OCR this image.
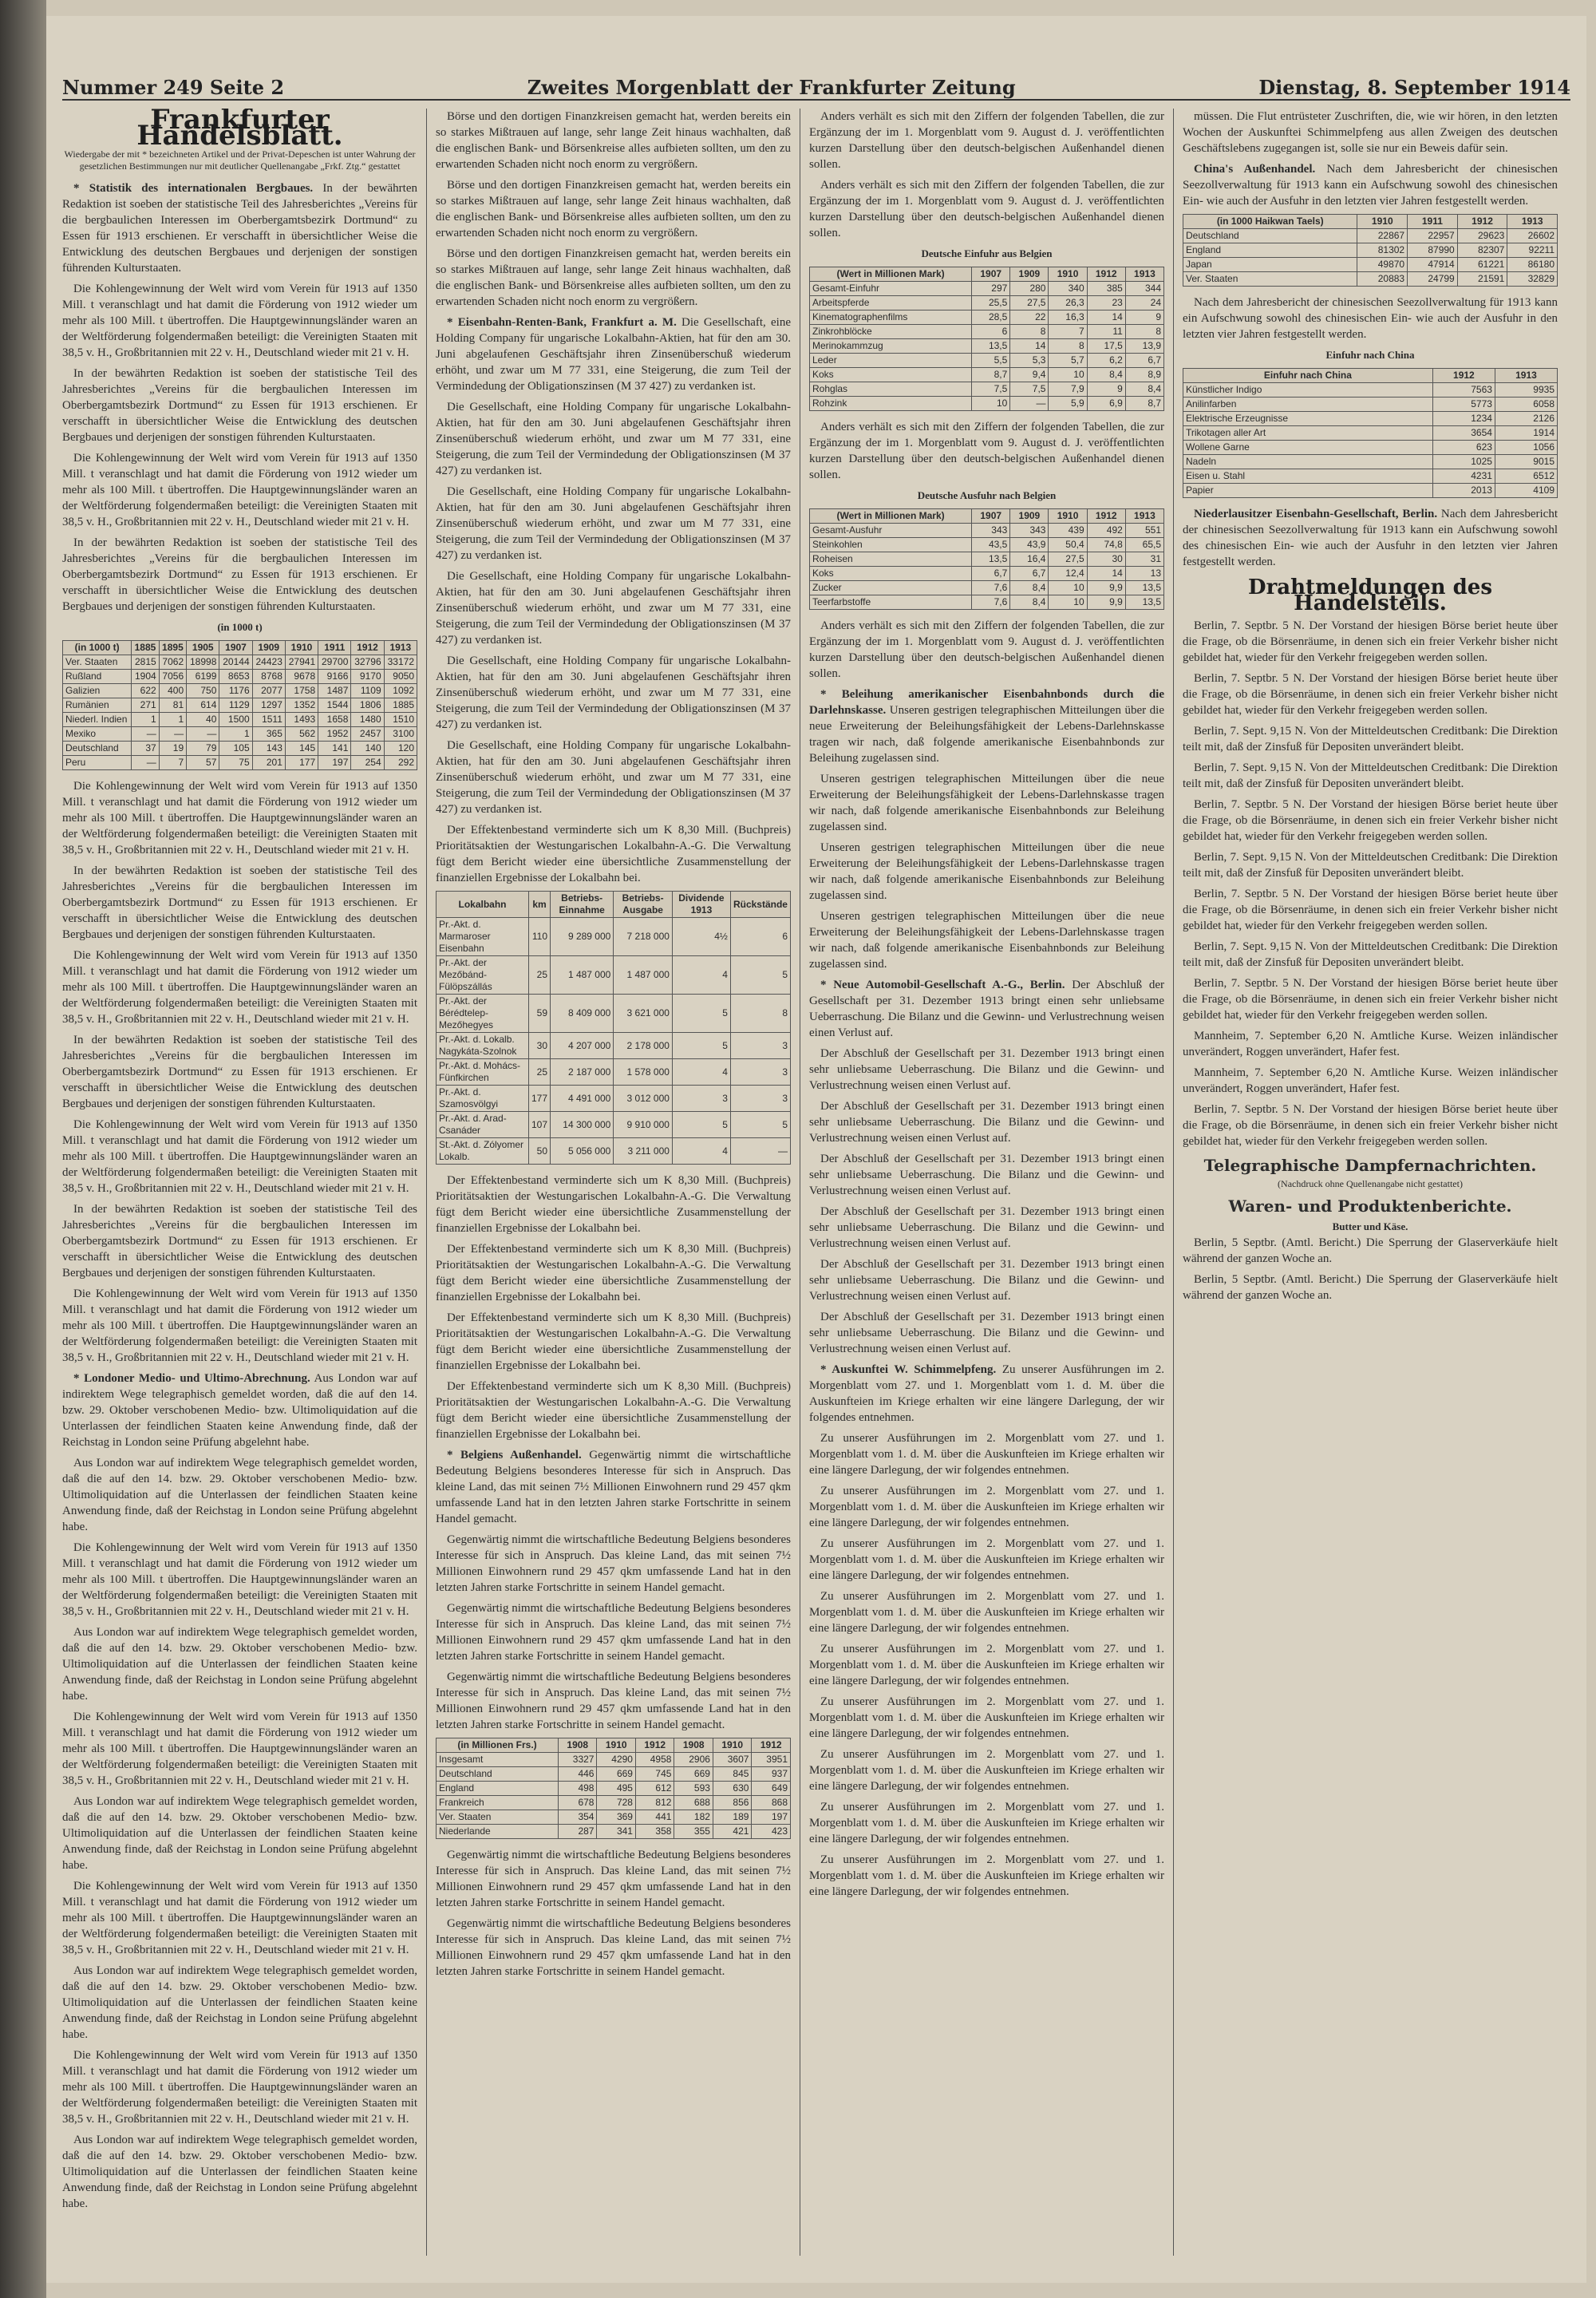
Nummer 249 Seite 2	Zweites Morgenblatt der Frankfurter Zeitung	Dienstag, 8. September 1914
Frankfurter Handelsblatt.
Wiedergabe der mit * bezeichneten Artikel und der Privat-Depeschen ist unter Wahrung der gesetzlichen Bestimmungen nur mit deutlicher Quellenangabe „Frkf. Ztg.“ gestattet

* Statistik des internationalen Bergbaues. In der bewährten Redaktion ist soeben der statistische Teil des Jahresberichtes „Vereins für die bergbaulichen Interessen im Oberbergamtsbezirk Dortmund“ zu Essen für 1913 erschienen. Er verschafft in übersichtlicher Weise die Entwicklung des deutschen Bergbaues und derjenigen der sonstigen führenden Kulturstaaten.

Die Kohlengewinnung der Welt wird vom Verein für 1913 auf 1350 Mill. t veranschlagt und hat damit die Förderung von 1912 wieder um mehr als 100 Mill. t übertroffen. Die Hauptgewinnungsländer waren an der Weltförderung folgendermaßen beteiligt: die Vereinigten Staaten mit 38,5 v. H., Großbritannien mit 22 v. H., Deutschland wieder mit 21 v. H.

In der bewährten Redaktion ist soeben der statistische Teil des Jahresberichtes „Vereins für die bergbaulichen Interessen im Oberbergamtsbezirk Dortmund“ zu Essen für 1913 erschienen. Er verschafft in übersichtlicher Weise die Entwicklung des deutschen Bergbaues und derjenigen der sonstigen führenden Kulturstaaten.

Die Kohlengewinnung der Welt wird vom Verein für 1913 auf 1350 Mill. t veranschlagt und hat damit die Förderung von 1912 wieder um mehr als 100 Mill. t übertroffen. Die Hauptgewinnungsländer waren an der Weltförderung folgendermaßen beteiligt: die Vereinigten Staaten mit 38,5 v. H., Großbritannien mit 22 v. H., Deutschland wieder mit 21 v. H.

In der bewährten Redaktion ist soeben der statistische Teil des Jahresberichtes „Vereins für die bergbaulichen Interessen im Oberbergamtsbezirk Dortmund“ zu Essen für 1913 erschienen. Er verschafft in übersichtlicher Weise die Entwicklung des deutschen Bergbaues und derjenigen der sonstigen führenden Kulturstaaten.

(in 1000 t)
(in 1000 t)	1885	1895	1905	1907	1909	1910	1911	1912	1913
Ver. Staaten	2815	7062	18998	20144	24423	27941	29700	32796	33172
Rußland	1904	7056	6199	8653	8768	9678	9166	9170	9050
Galizien	622	400	750	1176	2077	1758	1487	1109	1092
Rumänien	271	81	614	1129	1297	1352	1544	1806	1885
Niederl. Indien	1	1	40	1500	1511	1493	1658	1480	1510
Mexiko	—	—	—	1	365	562	1952	2457	3100
Deutschland	37	19	79	105	143	145	141	140	120
Peru	—	7	57	75	201	177	197	254	292

Die Kohlengewinnung der Welt wird vom Verein für 1913 auf 1350 Mill. t veranschlagt und hat damit die Förderung von 1912 wieder um mehr als 100 Mill. t übertroffen. Die Hauptgewinnungsländer waren an der Weltförderung folgendermaßen beteiligt: die Vereinigten Staaten mit 38,5 v. H., Großbritannien mit 22 v. H., Deutschland wieder mit 21 v. H.

In der bewährten Redaktion ist soeben der statistische Teil des Jahresberichtes „Vereins für die bergbaulichen Interessen im Oberbergamtsbezirk Dortmund“ zu Essen für 1913 erschienen. Er verschafft in übersichtlicher Weise die Entwicklung des deutschen Bergbaues und derjenigen der sonstigen führenden Kulturstaaten.

Die Kohlengewinnung der Welt wird vom Verein für 1913 auf 1350 Mill. t veranschlagt und hat damit die Förderung von 1912 wieder um mehr als 100 Mill. t übertroffen. Die Hauptgewinnungsländer waren an der Weltförderung folgendermaßen beteiligt: die Vereinigten Staaten mit 38,5 v. H., Großbritannien mit 22 v. H., Deutschland wieder mit 21 v. H.

In der bewährten Redaktion ist soeben der statistische Teil des Jahresberichtes „Vereins für die bergbaulichen Interessen im Oberbergamtsbezirk Dortmund“ zu Essen für 1913 erschienen. Er verschafft in übersichtlicher Weise die Entwicklung des deutschen Bergbaues und derjenigen der sonstigen führenden Kulturstaaten.

Die Kohlengewinnung der Welt wird vom Verein für 1913 auf 1350 Mill. t veranschlagt und hat damit die Förderung von 1912 wieder um mehr als 100 Mill. t übertroffen. Die Hauptgewinnungsländer waren an der Weltförderung folgendermaßen beteiligt: die Vereinigten Staaten mit 38,5 v. H., Großbritannien mit 22 v. H., Deutschland wieder mit 21 v. H.

In der bewährten Redaktion ist soeben der statistische Teil des Jahresberichtes „Vereins für die bergbaulichen Interessen im Oberbergamtsbezirk Dortmund“ zu Essen für 1913 erschienen. Er verschafft in übersichtlicher Weise die Entwicklung des deutschen Bergbaues und derjenigen der sonstigen führenden Kulturstaaten.

Die Kohlengewinnung der Welt wird vom Verein für 1913 auf 1350 Mill. t veranschlagt und hat damit die Förderung von 1912 wieder um mehr als 100 Mill. t übertroffen. Die Hauptgewinnungsländer waren an der Weltförderung folgendermaßen beteiligt: die Vereinigten Staaten mit 38,5 v. H., Großbritannien mit 22 v. H., Deutschland wieder mit 21 v. H.

* Londoner Medio- und Ultimo-Abrechnung. Aus London war auf indirektem Wege telegraphisch gemeldet worden, daß die auf den 14. bzw. 29. Oktober verschobenen Medio- bzw. Ultimoliquidation auf die Unterlassen der feindlichen Staaten keine Anwendung finde, daß der Reichstag in London seine Prüfung abgelehnt habe.

Aus London war auf indirektem Wege telegraphisch gemeldet worden, daß die auf den 14. bzw. 29. Oktober verschobenen Medio- bzw. Ultimoliquidation auf die Unterlassen der feindlichen Staaten keine Anwendung finde, daß der Reichstag in London seine Prüfung abgelehnt habe.

Die Kohlengewinnung der Welt wird vom Verein für 1913 auf 1350 Mill. t veranschlagt und hat damit die Förderung von 1912 wieder um mehr als 100 Mill. t übertroffen. Die Hauptgewinnungsländer waren an der Weltförderung folgendermaßen beteiligt: die Vereinigten Staaten mit 38,5 v. H., Großbritannien mit 22 v. H., Deutschland wieder mit 21 v. H.

Aus London war auf indirektem Wege telegraphisch gemeldet worden, daß die auf den 14. bzw. 29. Oktober verschobenen Medio- bzw. Ultimoliquidation auf die Unterlassen der feindlichen Staaten keine Anwendung finde, daß der Reichstag in London seine Prüfung abgelehnt habe.

Die Kohlengewinnung der Welt wird vom Verein für 1913 auf 1350 Mill. t veranschlagt und hat damit die Förderung von 1912 wieder um mehr als 100 Mill. t übertroffen. Die Hauptgewinnungsländer waren an der Weltförderung folgendermaßen beteiligt: die Vereinigten Staaten mit 38,5 v. H., Großbritannien mit 22 v. H., Deutschland wieder mit 21 v. H.

Aus London war auf indirektem Wege telegraphisch gemeldet worden, daß die auf den 14. bzw. 29. Oktober verschobenen Medio- bzw. Ultimoliquidation auf die Unterlassen der feindlichen Staaten keine Anwendung finde, daß der Reichstag in London seine Prüfung abgelehnt habe.

Die Kohlengewinnung der Welt wird vom Verein für 1913 auf 1350 Mill. t veranschlagt und hat damit die Förderung von 1912 wieder um mehr als 100 Mill. t übertroffen. Die Hauptgewinnungsländer waren an der Weltförderung folgendermaßen beteiligt: die Vereinigten Staaten mit 38,5 v. H., Großbritannien mit 22 v. H., Deutschland wieder mit 21 v. H.

Aus London war auf indirektem Wege telegraphisch gemeldet worden, daß die auf den 14. bzw. 29. Oktober verschobenen Medio- bzw. Ultimoliquidation auf die Unterlassen der feindlichen Staaten keine Anwendung finde, daß der Reichstag in London seine Prüfung abgelehnt habe.

Die Kohlengewinnung der Welt wird vom Verein für 1913 auf 1350 Mill. t veranschlagt und hat damit die Förderung von 1912 wieder um mehr als 100 Mill. t übertroffen. Die Hauptgewinnungsländer waren an der Weltförderung folgendermaßen beteiligt: die Vereinigten Staaten mit 38,5 v. H., Großbritannien mit 22 v. H., Deutschland wieder mit 21 v. H.

Aus London war auf indirektem Wege telegraphisch gemeldet worden, daß die auf den 14. bzw. 29. Oktober verschobenen Medio- bzw. Ultimoliquidation auf die Unterlassen der feindlichen Staaten keine Anwendung finde, daß der Reichstag in London seine Prüfung abgelehnt habe.

Börse und den dortigen Finanzkreisen gemacht hat, werden bereits ein so starkes Mißtrauen auf lange, sehr lange Zeit hinaus wachhalten, daß die englischen Bank- und Börsenkreise alles aufbieten sollten, um den zu erwartenden Schaden nicht noch enorm zu vergrößern.

Börse und den dortigen Finanzkreisen gemacht hat, werden bereits ein so starkes Mißtrauen auf lange, sehr lange Zeit hinaus wachhalten, daß die englischen Bank- und Börsenkreise alles aufbieten sollten, um den zu erwartenden Schaden nicht noch enorm zu vergrößern.

Börse und den dortigen Finanzkreisen gemacht hat, werden bereits ein so starkes Mißtrauen auf lange, sehr lange Zeit hinaus wachhalten, daß die englischen Bank- und Börsenkreise alles aufbieten sollten, um den zu erwartenden Schaden nicht noch enorm zu vergrößern.

* Eisenbahn-Renten-Bank, Frankfurt a. M. Die Gesellschaft, eine Holding Company für ungarische Lokalbahn-Aktien, hat für den am 30. Juni abgelaufenen Geschäftsjahr ihren Zinsenüberschuß wiederum erhöht, und zwar um M 77 331, eine Steigerung, die zum Teil der Vermindedung der Obligationszinsen (M 37 427) zu verdanken ist.

Die Gesellschaft, eine Holding Company für ungarische Lokalbahn-Aktien, hat für den am 30. Juni abgelaufenen Geschäftsjahr ihren Zinsenüberschuß wiederum erhöht, und zwar um M 77 331, eine Steigerung, die zum Teil der Vermindedung der Obligationszinsen (M 37 427) zu verdanken ist.

Die Gesellschaft, eine Holding Company für ungarische Lokalbahn-Aktien, hat für den am 30. Juni abgelaufenen Geschäftsjahr ihren Zinsenüberschuß wiederum erhöht, und zwar um M 77 331, eine Steigerung, die zum Teil der Vermindedung der Obligationszinsen (M 37 427) zu verdanken ist.

Die Gesellschaft, eine Holding Company für ungarische Lokalbahn-Aktien, hat für den am 30. Juni abgelaufenen Geschäftsjahr ihren Zinsenüberschuß wiederum erhöht, und zwar um M 77 331, eine Steigerung, die zum Teil der Vermindedung der Obligationszinsen (M 37 427) zu verdanken ist.

Die Gesellschaft, eine Holding Company für ungarische Lokalbahn-Aktien, hat für den am 30. Juni abgelaufenen Geschäftsjahr ihren Zinsenüberschuß wiederum erhöht, und zwar um M 77 331, eine Steigerung, die zum Teil der Vermindedung der Obligationszinsen (M 37 427) zu verdanken ist.

Die Gesellschaft, eine Holding Company für ungarische Lokalbahn-Aktien, hat für den am 30. Juni abgelaufenen Geschäftsjahr ihren Zinsenüberschuß wiederum erhöht, und zwar um M 77 331, eine Steigerung, die zum Teil der Vermindedung der Obligationszinsen (M 37 427) zu verdanken ist.

Der Effektenbestand verminderte sich um K 8,30 Mill. (Buchpreis) Prioritätsaktien der Westungarischen Lokalbahn-A.-G. Die Verwaltung fügt dem Bericht wieder eine übersichtliche Zusammenstellung der finanziellen Ergebnisse der Lokalbahn bei.

Lokalbahn	km	Betriebs-Einnahme	Betriebs-Ausgabe	Dividende 1913	Rückstände
Pr.-Akt. d. Marmaroser Eisenbahn	110	9 289 000	7 218 000	4½	6
Pr.-Akt. der Mezőbánd-Fülöpszállás	25	1 487 000	1 487 000	4	5
Pr.-Akt. der Bérédtelep-Mezőhegyes	59	8 409 000	3 621 000	5	8
Pr.-Akt. d. Lokalb. Nagykáta-Szolnok	30	4 207 000	2 178 000	5	3
Pr.-Akt. d. Mohács-Fünfkirchen	25	2 187 000	1 578 000	4	3
Pr.-Akt. d. Szamosvölgyi	177	4 491 000	3 012 000	3	3
Pr.-Akt. d. Arad-Csanáder	107	14 300 000	9 910 000	5	5
St.-Akt. d. Zólyomer Lokalb.	50	5 056 000	3 211 000	4	—

Der Effektenbestand verminderte sich um K 8,30 Mill. (Buchpreis) Prioritätsaktien der Westungarischen Lokalbahn-A.-G. Die Verwaltung fügt dem Bericht wieder eine übersichtliche Zusammenstellung der finanziellen Ergebnisse der Lokalbahn bei.

Der Effektenbestand verminderte sich um K 8,30 Mill. (Buchpreis) Prioritätsaktien der Westungarischen Lokalbahn-A.-G. Die Verwaltung fügt dem Bericht wieder eine übersichtliche Zusammenstellung der finanziellen Ergebnisse der Lokalbahn bei.

Der Effektenbestand verminderte sich um K 8,30 Mill. (Buchpreis) Prioritätsaktien der Westungarischen Lokalbahn-A.-G. Die Verwaltung fügt dem Bericht wieder eine übersichtliche Zusammenstellung der finanziellen Ergebnisse der Lokalbahn bei.

Der Effektenbestand verminderte sich um K 8,30 Mill. (Buchpreis) Prioritätsaktien der Westungarischen Lokalbahn-A.-G. Die Verwaltung fügt dem Bericht wieder eine übersichtliche Zusammenstellung der finanziellen Ergebnisse der Lokalbahn bei.

* Belgiens Außenhandel. Gegenwärtig nimmt die wirtschaftliche Bedeutung Belgiens besonderes Interesse für sich in Anspruch. Das kleine Land, das mit seinen 7½ Millionen Einwohnern rund 29 457 qkm umfassende Land hat in den letzten Jahren starke Fortschritte in seinem Handel gemacht.

Gegenwärtig nimmt die wirtschaftliche Bedeutung Belgiens besonderes Interesse für sich in Anspruch. Das kleine Land, das mit seinen 7½ Millionen Einwohnern rund 29 457 qkm umfassende Land hat in den letzten Jahren starke Fortschritte in seinem Handel gemacht.

Gegenwärtig nimmt die wirtschaftliche Bedeutung Belgiens besonderes Interesse für sich in Anspruch. Das kleine Land, das mit seinen 7½ Millionen Einwohnern rund 29 457 qkm umfassende Land hat in den letzten Jahren starke Fortschritte in seinem Handel gemacht.

Gegenwärtig nimmt die wirtschaftliche Bedeutung Belgiens besonderes Interesse für sich in Anspruch. Das kleine Land, das mit seinen 7½ Millionen Einwohnern rund 29 457 qkm umfassende Land hat in den letzten Jahren starke Fortschritte in seinem Handel gemacht.

(in Millionen Frs.)	1908	1910	1912	1908	1910	1912
Insgesamt	3327	4290	4958	2906	3607	3951
Deutschland	446	669	745	669	845	937
England	498	495	612	593	630	649
Frankreich	678	728	812	688	856	868
Ver. Staaten	354	369	441	182	189	197
Niederlande	287	341	358	355	421	423

Gegenwärtig nimmt die wirtschaftliche Bedeutung Belgiens besonderes Interesse für sich in Anspruch. Das kleine Land, das mit seinen 7½ Millionen Einwohnern rund 29 457 qkm umfassende Land hat in den letzten Jahren starke Fortschritte in seinem Handel gemacht.

Gegenwärtig nimmt die wirtschaftliche Bedeutung Belgiens besonderes Interesse für sich in Anspruch. Das kleine Land, das mit seinen 7½ Millionen Einwohnern rund 29 457 qkm umfassende Land hat in den letzten Jahren starke Fortschritte in seinem Handel gemacht.

Anders verhält es sich mit den Ziffern der folgenden Tabellen, die zur Ergänzung der im 1. Morgenblatt vom 9. August d. J. veröffentlichten kurzen Darstellung über den deutsch-belgischen Außenhandel dienen sollen.

Anders verhält es sich mit den Ziffern der folgenden Tabellen, die zur Ergänzung der im 1. Morgenblatt vom 9. August d. J. veröffentlichten kurzen Darstellung über den deutsch-belgischen Außenhandel dienen sollen.

Deutsche Einfuhr aus Belgien
(Wert in Millionen Mark)	1907	1909	1910	1912	1913
Gesamt-Einfuhr	297	280	340	385	344
Arbeitspferde	25,5	27,5	26,3	23	24
Kinematographenfilms	28,5	22	16,3	14	9
Zinkrohblöcke	6	8	7	11	8
Merinokammzug	13,5	14	8	17,5	13,9
Leder	5,5	5,3	5,7	6,2	6,7
Koks	8,7	9,4	10	8,4	8,9
Rohglas	7,5	7,5	7,9	9	8,4
Rohzink	10	—	5,9	6,9	8,7

Anders verhält es sich mit den Ziffern der folgenden Tabellen, die zur Ergänzung der im 1. Morgenblatt vom 9. August d. J. veröffentlichten kurzen Darstellung über den deutsch-belgischen Außenhandel dienen sollen.

Deutsche Ausfuhr nach Belgien
(Wert in Millionen Mark)	1907	1909	1910	1912	1913
Gesamt-Ausfuhr	343	343	439	492	551
Steinkohlen	43,5	43,9	50,4	74,8	65,5
Roheisen	13,5	16,4	27,5	30	31
Koks	6,7	6,7	12,4	14	13
Zucker	7,6	8,4	10	9,9	13,5
Teerfarbstoffe	7,6	8,4	10	9,9	13,5

Anders verhält es sich mit den Ziffern der folgenden Tabellen, die zur Ergänzung der im 1. Morgenblatt vom 9. August d. J. veröffentlichten kurzen Darstellung über den deutsch-belgischen Außenhandel dienen sollen.

* Beleihung amerikanischer Eisenbahnbonds durch die Darlehnskasse. Unseren gestrigen telegraphischen Mitteilungen über die neue Erweiterung der Beleihungsfähigkeit der Lebens-Darlehnskasse tragen wir nach, daß folgende amerikanische Eisenbahnbonds zur Beleihung zugelassen sind.

Unseren gestrigen telegraphischen Mitteilungen über die neue Erweiterung der Beleihungsfähigkeit der Lebens-Darlehnskasse tragen wir nach, daß folgende amerikanische Eisenbahnbonds zur Beleihung zugelassen sind.

Unseren gestrigen telegraphischen Mitteilungen über die neue Erweiterung der Beleihungsfähigkeit der Lebens-Darlehnskasse tragen wir nach, daß folgende amerikanische Eisenbahnbonds zur Beleihung zugelassen sind.

Unseren gestrigen telegraphischen Mitteilungen über die neue Erweiterung der Beleihungsfähigkeit der Lebens-Darlehnskasse tragen wir nach, daß folgende amerikanische Eisenbahnbonds zur Beleihung zugelassen sind.

* Neue Automobil-Gesellschaft A.-G., Berlin. Der Abschluß der Gesellschaft per 31. Dezember 1913 bringt einen sehr unliebsame Ueberraschung. Die Bilanz und die Gewinn- und Verlustrechnung weisen einen Verlust auf.

Der Abschluß der Gesellschaft per 31. Dezember 1913 bringt einen sehr unliebsame Ueberraschung. Die Bilanz und die Gewinn- und Verlustrechnung weisen einen Verlust auf.

Der Abschluß der Gesellschaft per 31. Dezember 1913 bringt einen sehr unliebsame Ueberraschung. Die Bilanz und die Gewinn- und Verlustrechnung weisen einen Verlust auf.

Der Abschluß der Gesellschaft per 31. Dezember 1913 bringt einen sehr unliebsame Ueberraschung. Die Bilanz und die Gewinn- und Verlustrechnung weisen einen Verlust auf.

Der Abschluß der Gesellschaft per 31. Dezember 1913 bringt einen sehr unliebsame Ueberraschung. Die Bilanz und die Gewinn- und Verlustrechnung weisen einen Verlust auf.

Der Abschluß der Gesellschaft per 31. Dezember 1913 bringt einen sehr unliebsame Ueberraschung. Die Bilanz und die Gewinn- und Verlustrechnung weisen einen Verlust auf.

Der Abschluß der Gesellschaft per 31. Dezember 1913 bringt einen sehr unliebsame Ueberraschung. Die Bilanz und die Gewinn- und Verlustrechnung weisen einen Verlust auf.

* Auskunftei W. Schimmelpfeng. Zu unserer Ausführungen im 2. Morgenblatt vom 27. und 1. Morgenblatt vom 1. d. M. über die Auskunfteien im Kriege erhalten wir eine längere Darlegung, der wir folgendes entnehmen.

Zu unserer Ausführungen im 2. Morgenblatt vom 27. und 1. Morgenblatt vom 1. d. M. über die Auskunfteien im Kriege erhalten wir eine längere Darlegung, der wir folgendes entnehmen.

Zu unserer Ausführungen im 2. Morgenblatt vom 27. und 1. Morgenblatt vom 1. d. M. über die Auskunfteien im Kriege erhalten wir eine längere Darlegung, der wir folgendes entnehmen.

Zu unserer Ausführungen im 2. Morgenblatt vom 27. und 1. Morgenblatt vom 1. d. M. über die Auskunfteien im Kriege erhalten wir eine längere Darlegung, der wir folgendes entnehmen.

Zu unserer Ausführungen im 2. Morgenblatt vom 27. und 1. Morgenblatt vom 1. d. M. über die Auskunfteien im Kriege erhalten wir eine längere Darlegung, der wir folgendes entnehmen.

Zu unserer Ausführungen im 2. Morgenblatt vom 27. und 1. Morgenblatt vom 1. d. M. über die Auskunfteien im Kriege erhalten wir eine längere Darlegung, der wir folgendes entnehmen.

Zu unserer Ausführungen im 2. Morgenblatt vom 27. und 1. Morgenblatt vom 1. d. M. über die Auskunfteien im Kriege erhalten wir eine längere Darlegung, der wir folgendes entnehmen.

Zu unserer Ausführungen im 2. Morgenblatt vom 27. und 1. Morgenblatt vom 1. d. M. über die Auskunfteien im Kriege erhalten wir eine längere Darlegung, der wir folgendes entnehmen.

Zu unserer Ausführungen im 2. Morgenblatt vom 27. und 1. Morgenblatt vom 1. d. M. über die Auskunfteien im Kriege erhalten wir eine längere Darlegung, der wir folgendes entnehmen.

Zu unserer Ausführungen im 2. Morgenblatt vom 27. und 1. Morgenblatt vom 1. d. M. über die Auskunfteien im Kriege erhalten wir eine längere Darlegung, der wir folgendes entnehmen.

müssen. Die Flut entrüsteter Zuschriften, die, wie wir hören, in den letzten Wochen der Auskunftei Schimmelpfeng aus allen Zweigen des deutschen Geschäftslebens zugegangen ist, solle sie nur ein Beweis dafür sein.

China's Außenhandel. Nach dem Jahresbericht der chinesischen Seezollverwaltung für 1913 kann ein Aufschwung sowohl des chinesischen Ein- wie auch der Ausfuhr in den letzten vier Jahren festgestellt werden.

(in 1000 Haikwan Taels)	1910	1911	1912	1913
Deutschland	22867	22957	29623	26602
England	81302	87990	82307	92211
Japan	49870	47914	61221	86180
Ver. Staaten	20883	24799	21591	32829

Nach dem Jahresbericht der chinesischen Seezollverwaltung für 1913 kann ein Aufschwung sowohl des chinesischen Ein- wie auch der Ausfuhr in den letzten vier Jahren festgestellt werden.

Einfuhr nach China
Einfuhr nach China	1912	1913
Künstlicher Indigo	7563	9935
Anilinfarben	5773	6058
Elektrische Erzeugnisse	1234	2126
Trikotagen aller Art	3654	1914
Wollene Garne	623	1056
Nadeln	1025	9015
Eisen u. Stahl	4231	6512
Papier	2013	4109

Niederlausitzer Eisenbahn-Gesellschaft, Berlin. Nach dem Jahresbericht der chinesischen Seezollverwaltung für 1913 kann ein Aufschwung sowohl des chinesischen Ein- wie auch der Ausfuhr in den letzten vier Jahren festgestellt werden.

Drahtmeldungen des Handelsteils.

Berlin, 7. Septbr. 5 N. Der Vorstand der hiesigen Börse beriet heute über die Frage, ob die Börsenräume, in denen sich ein freier Verkehr bisher nicht gebildet hat, wieder für den Verkehr freigegeben werden sollen.

Berlin, 7. Septbr. 5 N. Der Vorstand der hiesigen Börse beriet heute über die Frage, ob die Börsenräume, in denen sich ein freier Verkehr bisher nicht gebildet hat, wieder für den Verkehr freigegeben werden sollen.

Berlin, 7. Sept. 9,15 N. Von der Mitteldeutschen Creditbank: Die Direktion teilt mit, daß der Zinsfuß für Depositen unverändert bleibt.

Berlin, 7. Sept. 9,15 N. Von der Mitteldeutschen Creditbank: Die Direktion teilt mit, daß der Zinsfuß für Depositen unverändert bleibt.

Berlin, 7. Septbr. 5 N. Der Vorstand der hiesigen Börse beriet heute über die Frage, ob die Börsenräume, in denen sich ein freier Verkehr bisher nicht gebildet hat, wieder für den Verkehr freigegeben werden sollen.

Berlin, 7. Sept. 9,15 N. Von der Mitteldeutschen Creditbank: Die Direktion teilt mit, daß der Zinsfuß für Depositen unverändert bleibt.

Berlin, 7. Septbr. 5 N. Der Vorstand der hiesigen Börse beriet heute über die Frage, ob die Börsenräume, in denen sich ein freier Verkehr bisher nicht gebildet hat, wieder für den Verkehr freigegeben werden sollen.

Berlin, 7. Sept. 9,15 N. Von der Mitteldeutschen Creditbank: Die Direktion teilt mit, daß der Zinsfuß für Depositen unverändert bleibt.

Berlin, 7. Septbr. 5 N. Der Vorstand der hiesigen Börse beriet heute über die Frage, ob die Börsenräume, in denen sich ein freier Verkehr bisher nicht gebildet hat, wieder für den Verkehr freigegeben werden sollen.

Mannheim, 7. September 6,20 N. Amtliche Kurse. Weizen inländischer unverändert, Roggen unverändert, Hafer fest.

Mannheim, 7. September 6,20 N. Amtliche Kurse. Weizen inländischer unverändert, Roggen unverändert, Hafer fest.

Berlin, 7. Septbr. 5 N. Der Vorstand der hiesigen Börse beriet heute über die Frage, ob die Börsenräume, in denen sich ein freier Verkehr bisher nicht gebildet hat, wieder für den Verkehr freigegeben werden sollen.

Telegraphische Dampfernachrichten.
(Nachdruck ohne Quellenangabe nicht gestattet)
Waren- und Produktenberichte.
Butter und Käse.

Berlin, 5 Septbr. (Amtl. Bericht.) Die Sperrung der Glaserverkäufe hielt während der ganzen Woche an.

Berlin, 5 Septbr. (Amtl. Bericht.) Die Sperrung der Glaserverkäufe hielt während der ganzen Woche an.
